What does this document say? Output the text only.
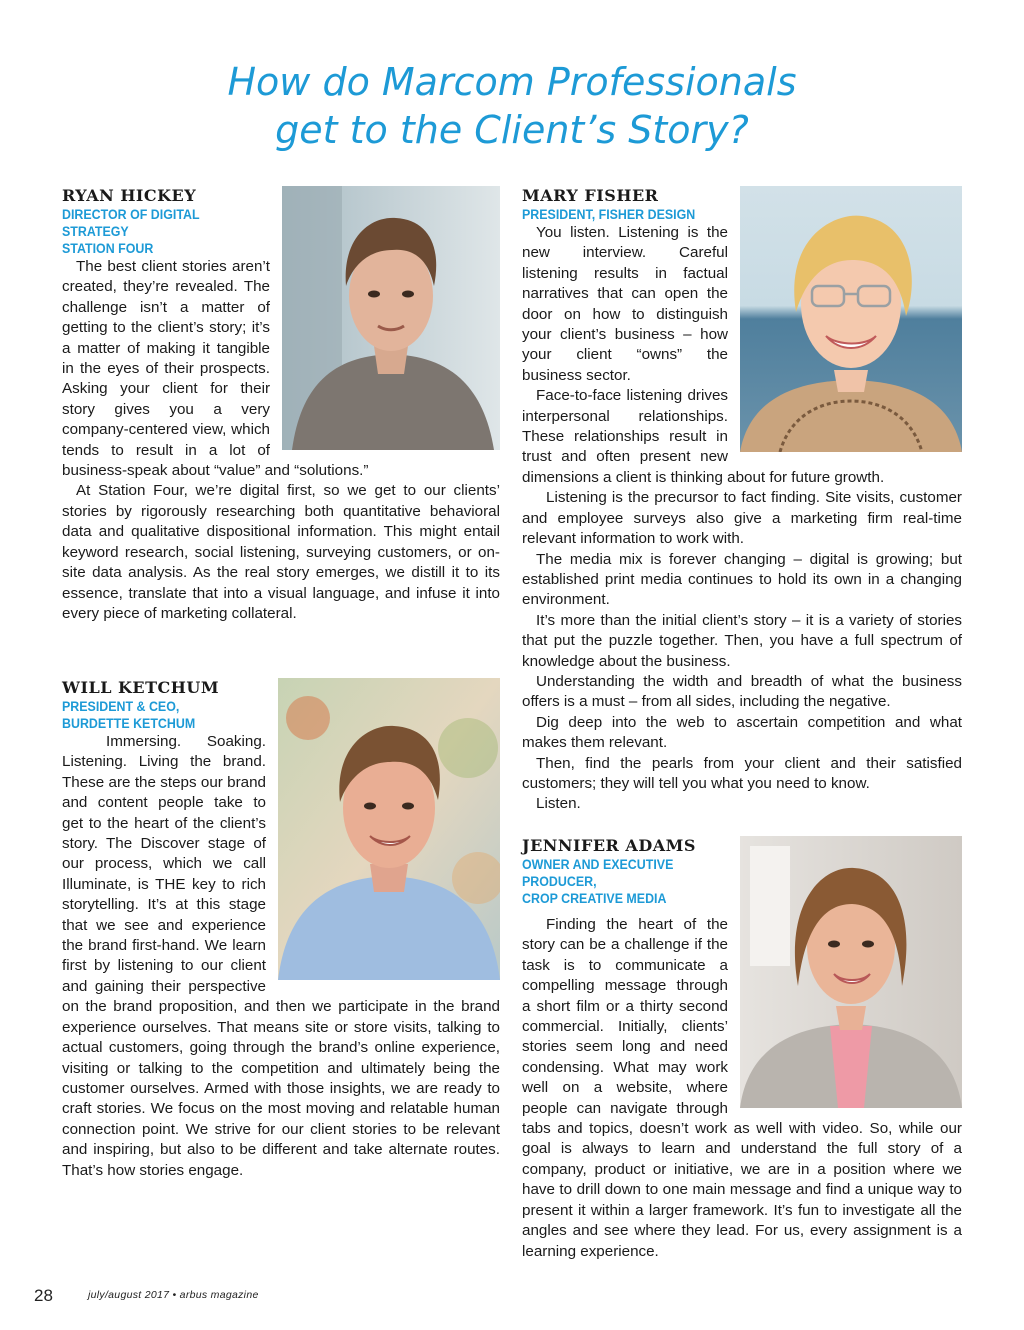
How do Marcom Professionals
get to the Client’s Story?
RYAN HICKEY
DIRECTOR OF DIGITAL STRATEGY
STATION FOUR

The best client stories aren’t created, they’re revealed. The challenge isn’t a matter of getting to the client’s story; it’s a matter of making it tangible in the eyes of their prospects. Asking your client for their story gives you a very company-centered view, which tends to result in a lot of business-speak about “value” and “solutions.”

At Station Four, we’re digital first, so we get to our clients’ stories by rigorously researching both quantitative behavioral data and qualitative dispositional information. This might entail keyword research, social listening, surveying customers, or on-site data analysis. As the real story emerges, we distill it to its essence, translate that into a visual language, and infuse it into every piece of marketing collateral.

WILL KETCHUM
PRESIDENT & CEO,
BURDETTE KETCHUM

Immersing. Soaking. Listening. Living the brand. These are the steps our brand and content people take to get to the heart of the client’s story. The Discover stage of our process, which we call Illuminate, is THE key to rich storytelling. It’s at this stage that we see and experience the brand first-hand. We learn first by listening to our client and gaining their perspective on the brand proposition, and then we participate in the brand experience ourselves. That means site or store visits, talking to actual customers, going through the brand’s online experience, visiting or talking to the competition and ultimately being the customer ourselves. Armed with those insights, we are ready to craft stories. We focus on the most moving and relatable human connection point. We strive for our client stories to be relevant and inspiring, but also to be different and take alternate routes. That’s how stories engage.

MARY FISHER
PRESIDENT, FISHER DESIGN

You listen. Listening is the new interview. Careful listening results in factual narratives that can open the door on how to distinguish your client’s business – how your client “owns” the business sector.

Face-to-face listening drives interpersonal relationships. These relationships result in trust and often present new dimensions a client is thinking about for future growth.

Listening is the precursor to fact finding. Site visits, customer and employee surveys also give a marketing firm real-time relevant information to work with.

The media mix is forever changing – digital is growing; but established print media continues to hold its own in a changing environment.

It’s more than the initial client’s story – it is a variety of stories that put the puzzle together. Then, you have a full spectrum of knowledge about the business.

Understanding the width and breadth of what the business offers is a must – from all sides, including the negative.

Dig deep into the web to ascertain competition and what makes them relevant.

Then, find the pearls from your client and their satisfied customers; they will tell you what you need to know.

Listen.

JENNIFER ADAMS
OWNER AND EXECUTIVE
PRODUCER,
CROP CREATIVE MEDIA

Finding the heart of the story can be a challenge if the task is to communicate a compelling message through a short film or a thirty second commercial. Initially, clients’ stories seem long and need condensing. What may work well on a website, where people can navigate through tabs and topics, doesn’t work as well with video. So, while our goal is always to learn and understand the full story of a company, product or initiative, we are in a position where we have to drill down to one main message and find a unique way to present it within a larger framework. It’s fun to investigate all the angles and see where they lead. For us, every assignment is a learning experience.

28	july/august 2017 • arbus magazine
